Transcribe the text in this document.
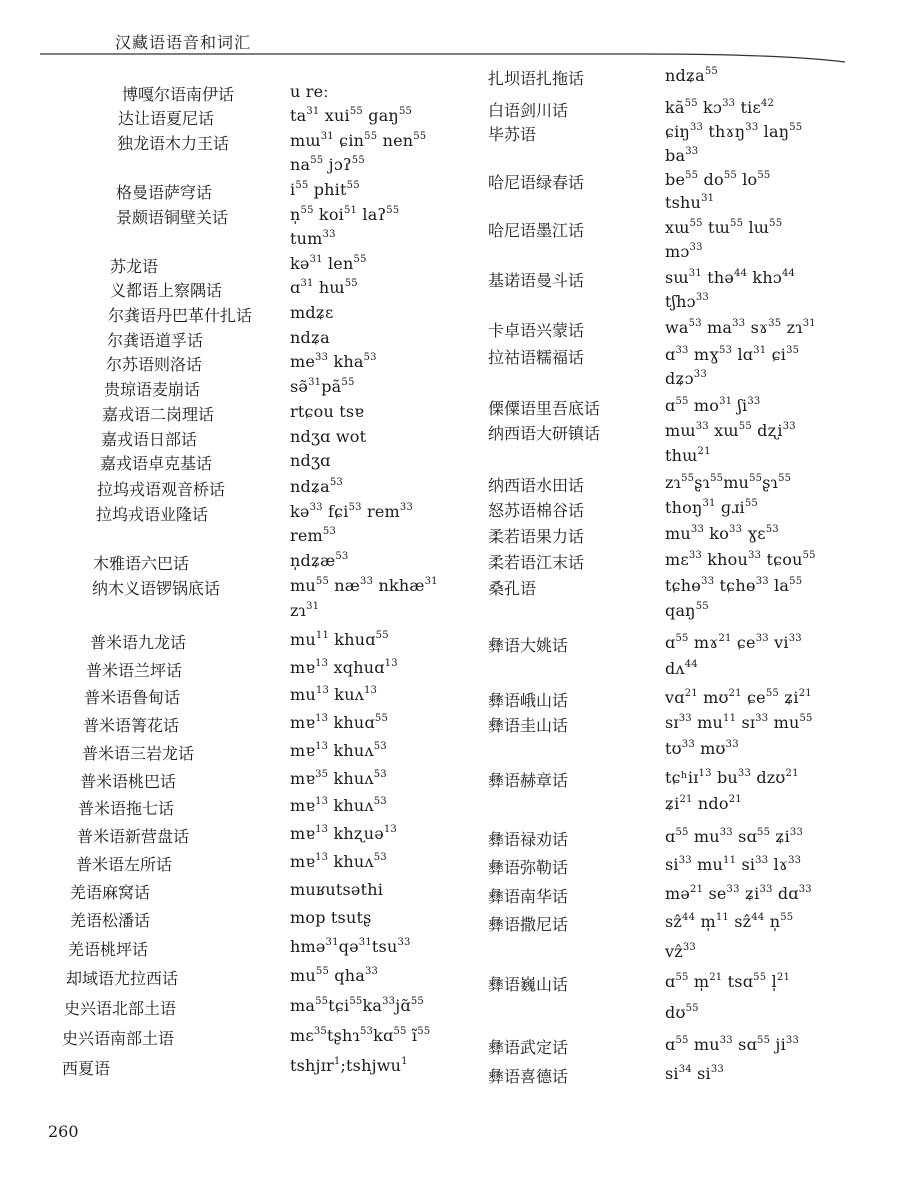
汉藏语语音和词汇
博嘎尔语南伊话	u reː
达让语夏尼话	$ta^{31}$ xui$^{55}$ gaŋ$^{55}$
独龙语木力王话	mɯ$^{31}$ ɕin$^{55}$ nen$^{55}$
$na^{55}$ jɔʔ$^{55}$
格曼语萨穹话	$i^{55}$ phit$^{55}$
景颇语铜壁关话	n̩$^{55}$ koi$^{51}$ laʔ$^{55}$
tum$^{33}$
苏龙语	kə$^{31}$ len$^{55}$
义都语上察隅话	ɑ$^{31}$ hɯ$^{55}$
尔龚语丹巴革什扎话 mdʑɛ
尔龚语道孚话	ndʑa
尔苏语则洛话	$me^{33}$ kha$^{53}$
贵琼语麦崩话	$sə̃^{31}pã^{55}$
嘉戎语二岗理话	rtɕou tsɐ
嘉戎语日部话	ndʒɑ wot
嘉戎语卓克基话	ndʒɑ
拉坞戎语观音桥话	ndʑa$^{53}$
拉坞戎语业隆话	kə$^{33}$ fɕi$^{53}$ rem$^{33}$
rem$^{53}$
木雅语六巴话	n̩dʑæ$^{53}$
纳木义语锣锅底话	$mu^{55}$ $næ^{33}$ nkhæ$^{31}$
zɿ$^{31}$
普米语九龙话	$mu^{11}$ khuɑ$^{55}$
普米语兰坪话	mɐ$^{13}$ xqhuɑ$^{13}$
普米语鲁甸话	$mu^{13}$ kuʌ$^{13}$
普米语箐花话	mɐ$^{13}$ khuɑ$^{55}$
普米语三岩龙话	mɐ$^{13}$ khuʌ$^{53}$
普米语桃巴话	mɐ$^{35}$ khuʌ$^{53}$
普米语拖七话	mɐ$^{13}$ khuʌ$^{53}$
普米语新营盘话	mɐ$^{13}$ khʐuə$^{13}$
普米语左所话	mɐ$^{13}$ khuʌ$^{53}$
羌语麻窝话	muʁutsəthi
羌语松潘话	mop tsutʂ
羌语桃坪话	hmə$^{31}$qə$^{31}$tsu$^{33}$
却域语尤拉西话	$mu^{55}$ qha$^{33}$
史兴语北部土语	$ma^{55}tɕi^{55}ka^{33}jɑ̃^{55}$
史兴语南部土语	mɛ$^{35}$tʂhɿ$^{53}$kɑ$^{55}$ $ĩ^{55}$
西夏语	tshjɪr$^1$;tshjwu$^1$
扎坝语扎拖话	ndʑa$^{55}$
白语剑川话	$kã^{55}$ kɔ$^{33}$ tiɛ$^{42}$
毕苏语	ɕiŋ$^{33}$ thɤŋ$^{33}$ laŋ$^{55}$
$ba^{33}$
哈尼语绿春话	$be^{55}$ $do^{55}$ $lo^{55}$
tshu$^{31}$
哈尼语墨江话	xɯ$^{55}$ tɯ$^{55}$ lɯ$^{55}$
mɔ$^{33}$
基诺语曼斗话	sɯ$^{31}$ thə$^{44}$ khɔ$^{44}$
tʃhɔ$^{33}$
卡卓语兴蒙话	$wa^{53}$ $ma^{33}$ sɤ$^{35}$ zɿ$^{31}$
拉祜语糯福话	ɑ$^{33}$ mɣ$^{53}$ lɑ$^{31}$ ɕi$^{35}$
dʑɔ$^{33}$
傈僳语里吾底话	ɑ$^{55}$ $mo^{31}$ ʃi$^{33}$
纳西语大研镇话	mɯ$^{33}$ xɯ$^{55}$ dʐi$^{33}$
thɯ$^{21}$
纳西语水田话	$zɿ^{55}ʂɿ^{55}mu^{55}ʂɿ^{55}$
怒苏语棉谷话	thoŋ$^{31}$ ɡɹi$^{55}$
柔若语果力话	$mu^{33}$ $ko^{33}$ ɣɛ$^{53}$
柔若语江末话	mɛ$^{33}$ khou$^{33}$ tɕou$^{55}$
桑孔语	tɕhɵ$^{33}$ tɕhɵ$^{33}$ $la^{55}$
qaŋ$^{55}$
彝语大姚话	ɑ$^{55}$ mɤ$^{21}$ ɕe$^{33}$ $vi^{33}$
dʌ$^{44}$
彝语峨山话	vɑ$^{21}$ mʊ$^{21}$ ɕe$^{55}$ ʑi$^{21}$
彝语圭山话	sɪ$^{33}$ $mu^{11}$ sɪ$^{33}$ $mu^{55}$
tʊ$^{33}$ mʊ$^{33}$
彝语赫章话	tɕʰiɪ$^{13}$ $bu^{33}$ dzʊ$^{21}$
ʑi$^{21}$ ndo$^{21}$
彝语禄劝话	ɑ$^{55}$ $mu^{33}$ sɑ$^{55}$ ʑi$^{33}$
彝语弥勒话	$si^{33}$ $mu^{11}$ $si^{33}$ lɤ$^{33}$
彝语南华话	mə$^{21}$ $se^{33}$ ʑi$^{33}$ dɑ$^{33}$
彝语撒尼话	sẑ$^{44}$ m̩$^{11}$ sẑ$^{44}$ n̩$^{55}$
vẑ$^{33}$
彝语巍山话	ɑ$^{55}$ m̩$^{21}$ tsɑ$^{55}$ l̩$^{21}$
dʊ$^{55}$
彝语武定话	ɑ$^{55}$ $mu^{33}$ sɑ$^{55}$ $ji^{33}$
彝语喜德话	$si^{34}$ $si^{33}$
260
